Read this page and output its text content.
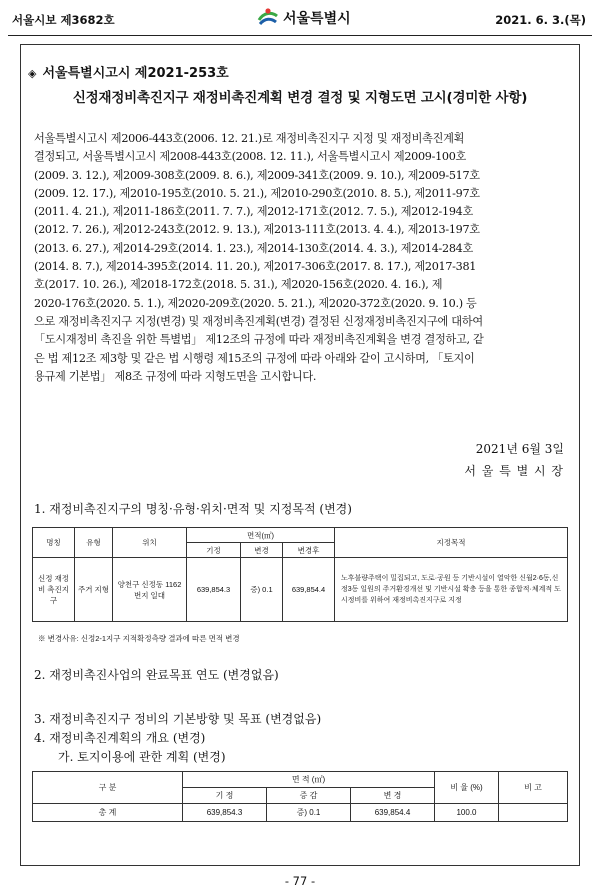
서울시보 제3682호	서울특별시	2021. 6. 3.(목)
◈ 서울특별시고시 제2021-253호
신정재정비촉진지구 재정비촉진계획 변경 결정 및 지형도면 고시(경미한 사항)
서울특별시고시 제2006-443호(2006. 12. 21.)로 재정비촉진지구 지정 및 재정비촉진계획
결정되고, 서울특별시고시 제2008-443호(2008. 12. 11.), 서울특별시고시 제2009-100호
(2009. 3. 12.), 제2009-308호(2009. 8. 6.), 제2009-341호(2009. 9. 10.), 제2009-517호
(2009. 12. 17.), 제2010-195호(2010. 5. 21.), 제2010-290호(2010. 8. 5.), 제2011-97호
(2011. 4. 21.), 제2011-186호(2011. 7. 7.), 제2012-171호(2012. 7. 5.), 제2012-194호
(2012. 7. 26.), 제2012-243호(2012. 9. 13.), 제2013-111호(2013. 4. 4.), 제2013-197호
(2013. 6. 27.), 제2014-29호(2014. 1. 23.), 제2014-130호(2014. 4. 3.), 제2014-284호
(2014. 8. 7.), 제2014-395호(2014. 11. 20.), 제2017-306호(2017. 8. 17.), 제2017-381
호(2017. 10. 26.), 제2018-172호(2018. 5. 31.), 제2020-156호(2020. 4. 16.), 제
2020-176호(2020. 5. 1.), 제2020-209호(2020. 5. 21.), 제2020-372호(2020. 9. 10.) 등
으로 재정비촉진지구 지정(변경) 및 재정비촉진계획(변경) 결정된 신정재정비촉진지구에 대하여
「도시재정비 촉진을 위한 특별법」 제12조의 규정에 따라 재정비촉진계획을 변경 결정하고, 같
은 법 제12조 제3항 및 같은 법 시행령 제15조의 규정에 따라 아래와 같이 고시하며, 「토지이
용규제 기본법」 제8조 규정에 따라 지형도면을 고시합니다.
2021년 6월 3일
서 울 특 별 시 장
1. 재정비촉진지구의 명칭·유형·위치·면적 및 지정목적 (변경)
명칭	유형	위치	면적(㎡)			지정목적
			기정	변경	변경후	
신정 재정비 촉진지구	주거 지형	양천구 신정동 1162번지 일대	639,854.3	증) 0.1	639,854.4	노후불량주택이 밀집되고, 도로·공원 등 기반시설이 열악한 신월2·6동,신정3동 일원의 주거환경개선 및 기반시설 확충 등을 통한 종합적·체계적 도시정비를 위하여 재정비촉진지구로 지정
※ 변경사유: 신정2-1지구 지적확정측량 결과에 따른 면적 변경
2. 재정비촉진사업의 완료목표 연도 (변경없음)
3. 재정비촉진지구 정비의 기본방향 및 목표 (변경없음)
4. 재정비촉진계획의 개요 (변경)
가. 토지이용에 관한 계획 (변경)
구 분	면 적 (㎡)			비 율 (%)	비 고
	기 정	증 감	변 경		
총 계	639,854.3	증) 0.1	639,854.4	100.0	
- 77 -
